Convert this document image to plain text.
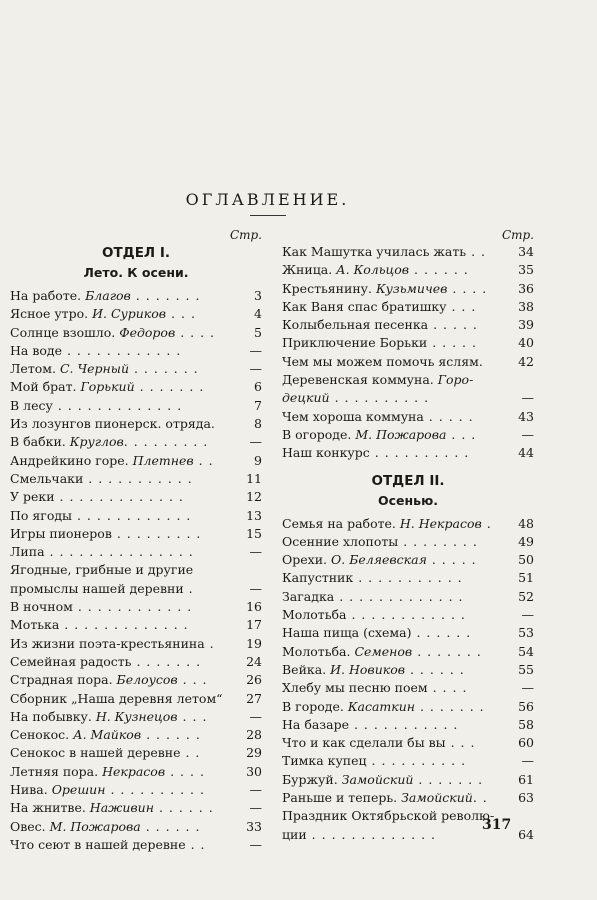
ОГЛАВЛЕНИЕ.
Стр.
ОТДЕЛ I.
Лето. К осени.
На работе. Благов . . . . . . .	3
Ясное утро. И. Суриков . . .	4
Солнце взошло. Федоров . . . .	5
На воде . . . . . . . . . . . .	—
Летом. С. Черный . . . . . . .	—
Мой брат. Горький . . . . . . .	6
В лесу . . . . . . . . . . . . .	7
Из лозунгов пионерск. отряда.	8
В бабки. Круглов. . . . . . . . .	—
Андрейкино горе. Плетнев . .	9
Смельчаки . . . . . . . . . . .	11
У реки . . . . . . . . . . . . .	12
По ягоды . . . . . . . . . . . .	13
Игры пионеров . . . . . . . . .	15
Липа . . . . . . . . . . . . . . .	—
Ягодные, грибные и другие
промыслы нашей деревни .	—
В ночном . . . . . . . . . . . .	16
Мотька . . . . . . . . . . . . .	17
Из жизни поэта-крестьянина .	19
Семейная радость . . . . . . .	24
Страдная пора. Белоусов . . .	26
Сборник „Наша деревня летом“ 27
На побывку. Н. Кузнецов . . .	—
Сенокос. А. Майков . . . . . .	28
Сенокос в нашей деревне . .	29
Летняя пора. Некрасов . . . .	30
Нива. Орешин . . . . . . . . . .	—
На жнитве. Наживин . . . . . .	—
Овес. М. Пожарова . . . . . .	33
Что сеют в нашей деревне . .	—
Стр.
Как Машутка училась жать . .	34
Жница. А. Кольцов . . . . . .	35
Крестьянину. Кузьмичев . . . . 36
Как Ваня спас братишку . . .	38
Колыбельная песенка . . . . .	39
Приключение Борьки . . . . .	40
Чем мы можем помочь яслям.	42
Деревенская коммуна. Горо-
децкий . . . . . . . . . .	—
Чем хороша коммуна . . . . .	43
В огороде. М. Пожарова . . .	—
Наш конкурс . . . . . . . . . .	44
ОТДЕЛ II.
Осенью.
Семья на работе. Н. Некрасов . 48
Осенние хлопоты . . . . . . . .	49
Орехи. О. Беляевская . . . . .	50
Капустник . . . . . . . . . . .	51
Загадка . . . . . . . . . . . . .	52
Молотьба . . . . . . . . . . . .	—
Наша пища (схема) . . . . . .	53
Молотьба. Семенов . . . . . . .	54
Вейка. И. Новиков . . . . . .	55
Хлебу мы песню поем . . . .	—
В городе. Касаткин . . . . . . .	56
На базаре . . . . . . . . . . .	58
Что и как сделали бы вы . . .	60
Тимка купец . . . . . . . . . .	—
Буржуй. Замойский . . . . . . .	61
Раньше и теперь. Замойский. . 63
Праздник Октябрьской револю-
ции . . . . . . . . . . . . .	64
317
